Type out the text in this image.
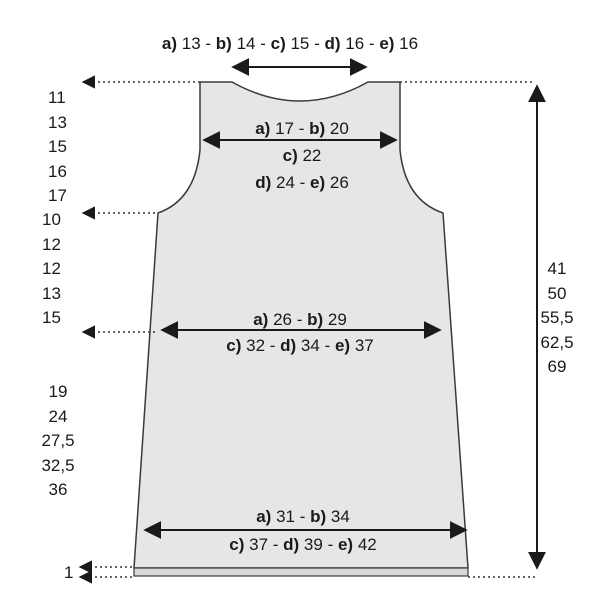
a) 13 - b) 14 - c) 15 - d) 16 - e) 16
a) 17 - b) 20
c) 22
d) 24 - e) 26
a) 26 - b) 29
c) 32 - d) 34 - e) 37
a) 31 - b) 34
c) 37 - d) 39 - e) 42
11
13
15
16
17
10
12
12
13
15
19
24
27,5
32,5
36
1
41
50
55,5
62,5
69
